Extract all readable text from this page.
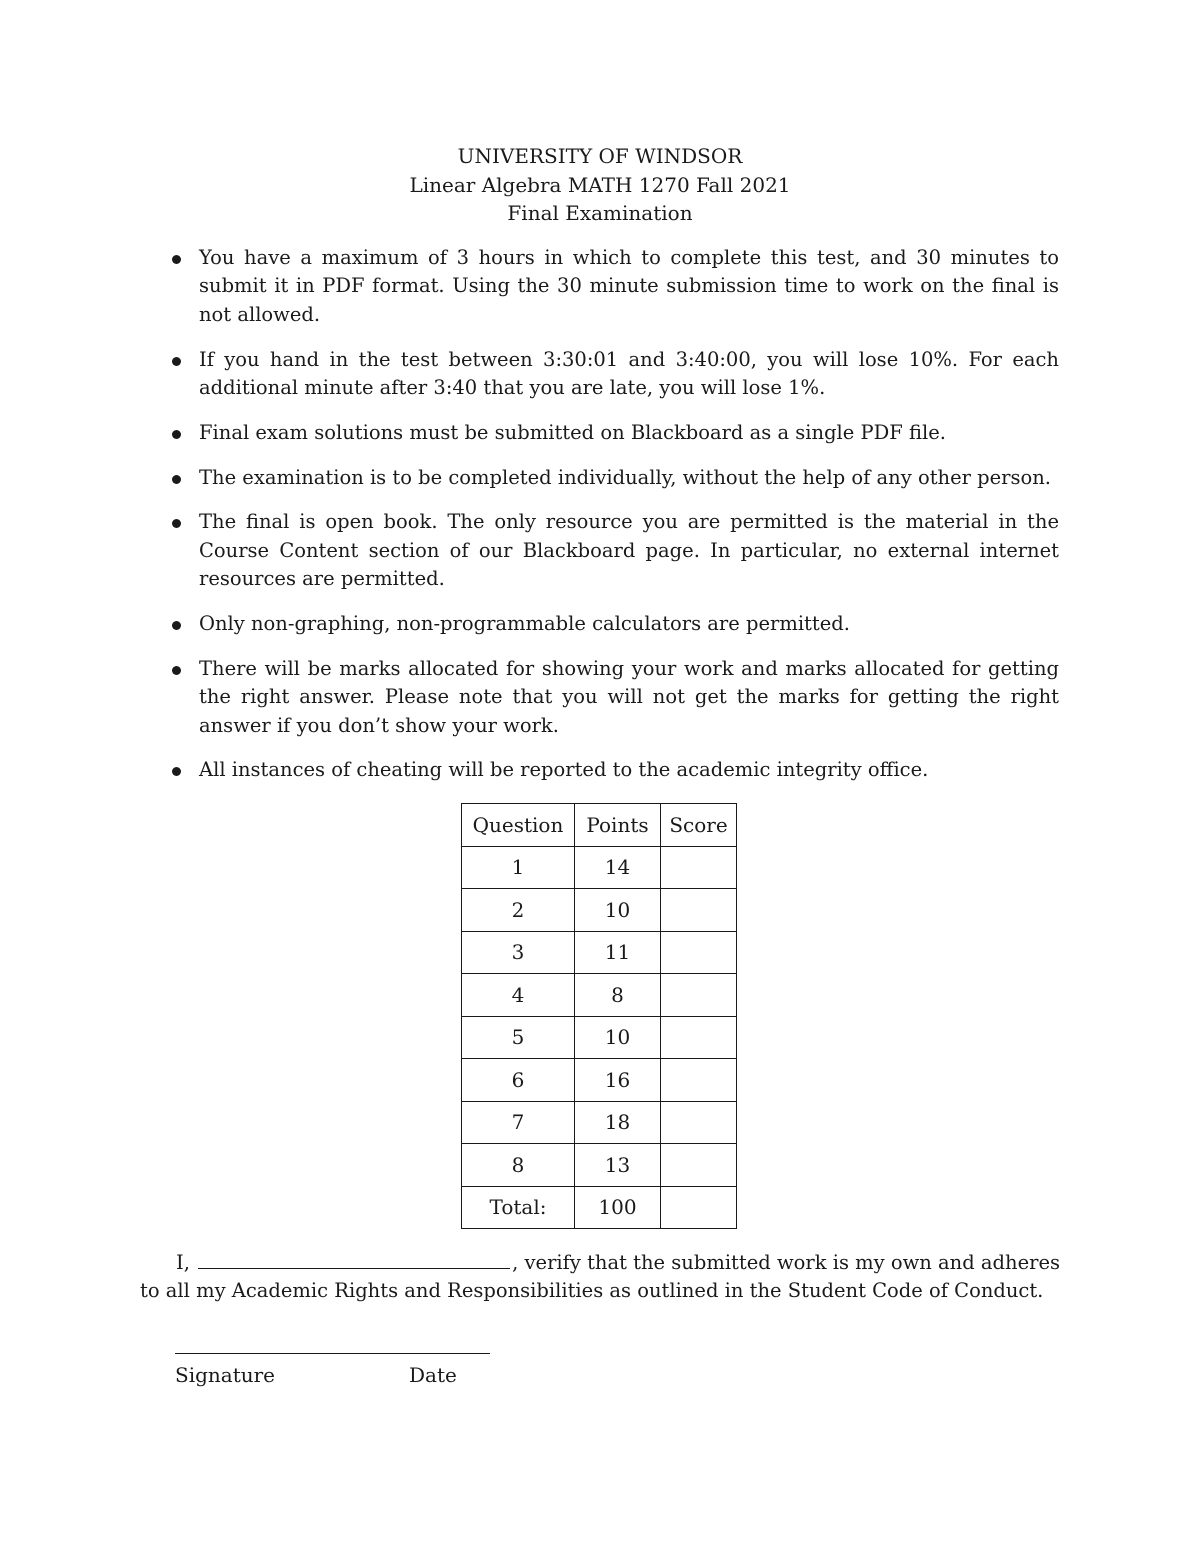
UNIVERSITY OF WINDSOR
Linear Algebra MATH 1270 Fall 2021
Final Examination
You have a maximum of 3 hours in which to complete this test, and 30 minutes to submit it in PDF format. Using the 30 minute submission time to work on the final is not allowed.
If you hand in the test between 3:30:01 and 3:40:00, you will lose 10%. For each additional minute after 3:40 that you are late, you will lose 1%.
Final exam solutions must be submitted on Blackboard as a single PDF file.
The examination is to be completed individually, without the help of any other person.
The final is open book. The only resource you are permitted is the material in the Course Content section of our Blackboard page. In particular, no external internet resources are permitted.
Only non-graphing, non-programmable calculators are permitted.
There will be marks allocated for showing your work and marks allocated for getting the right answer. Please note that you will not get the marks for getting the right answer if you don’t show your work.
All instances of cheating will be reported to the academic integrity office.
Question	Points	Score
1	14	
2	10	
3	11	
4	8	
5	10	
6	16	
7	18	
8	13	
Total:	100	
I,	, verify that the submitted work is my own and adheres
to all my Academic Rights and Responsibilities as outlined in the Student Code of Conduct.
Signature	Date
